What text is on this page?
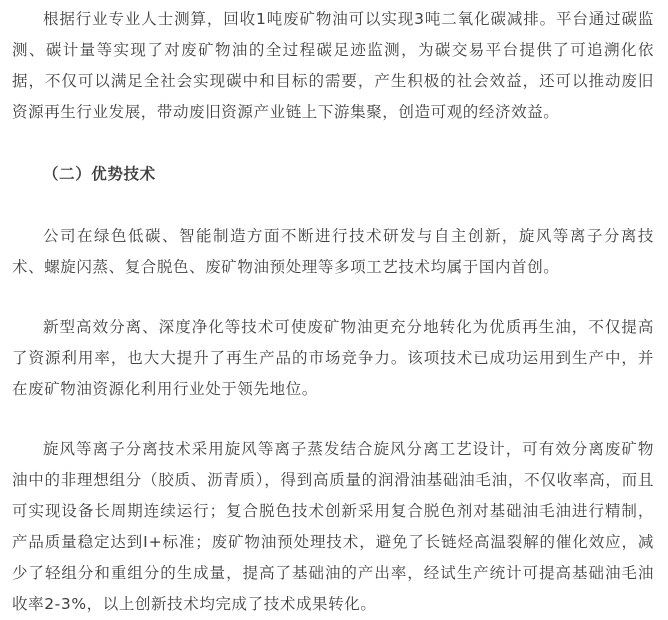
根据行业专业人士测算，回收1吨废矿物油可以实现3吨二氧化碳减排。平台通过碳监测、碳计量等实现了对废矿物油的全过程碳足迹监测，为碳交易平台提供了可追溯化依据，不仅可以满足全社会实现碳中和目标的需要，产生积极的社会效益，还可以推动废旧资源再生行业发展，带动废旧资源产业链上下游集聚，创造可观的经济效益。

（二）优势技术

公司在绿色低碳、智能制造方面不断进行技术研发与自主创新，旋风等离子分离技术、螺旋闪蒸、复合脱色、废矿物油预处理等多项工艺技术均属于国内首创。

新型高效分离、深度净化等技术可使废矿物油更充分地转化为优质再生油，不仅提高了资源利用率，也大大提升了再生产品的市场竞争力。该项技术已成功运用到生产中，并在废矿物油资源化利用行业处于领先地位。

旋风等离子分离技术采用旋风等离子蒸发结合旋风分离工艺设计，可有效分离废矿物油中的非理想组分（胶质、沥青质），得到高质量的润滑油基础油毛油，不仅收率高，而且可实现设备长周期连续运行；复合脱色技术创新采用复合脱色剂对基础油毛油进行精制，产品质量稳定达到Ⅰ+标准；废矿物油预处理技术，避免了长链烃高温裂解的催化效应，减少了轻组分和重组分的生成量，提高了基础油的产出率，经试生产统计可提高基础油毛油收率2-3%，以上创新技术均完成了技术成果转化。
